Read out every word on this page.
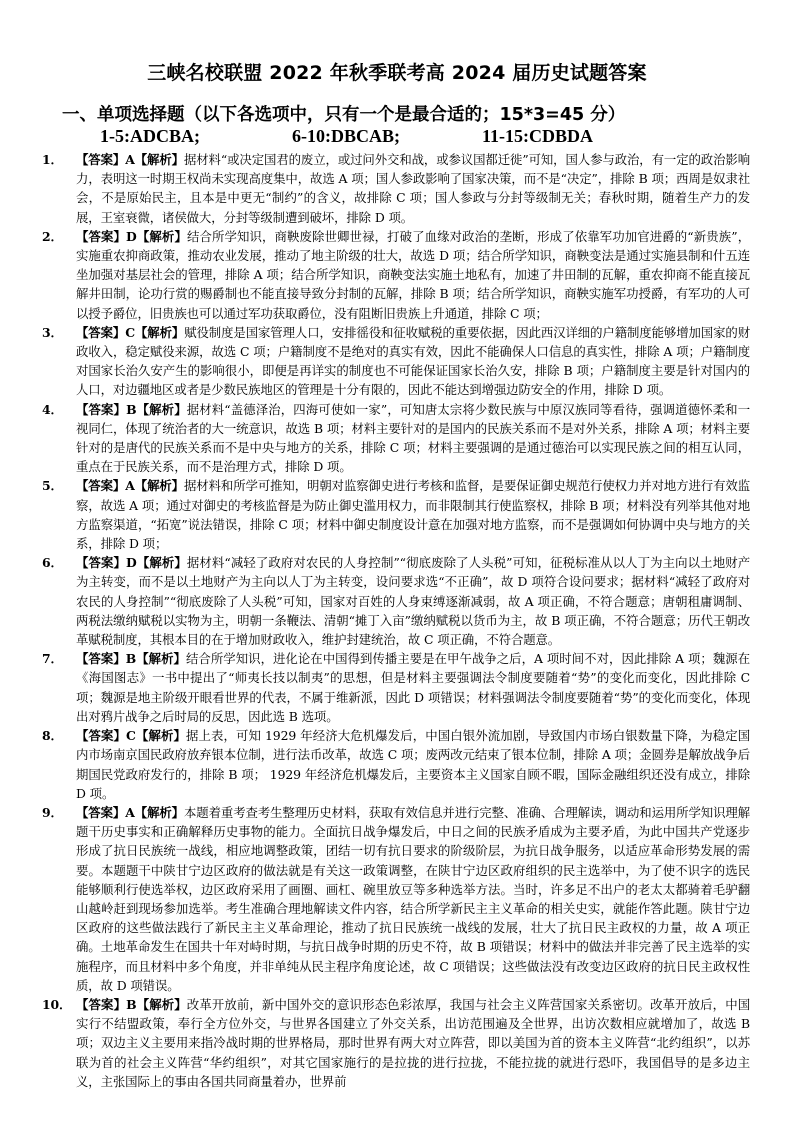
三峡名校联盟 2022 年秋季联考高 2024 届历史试题答案
一、单项选择题（以下各选项中，只有一个是最合适的；15*3=45 分）
1-5:ADCBA;	6-10:DBCAB;	11-15:CDBDA
1．	【答案】A【解析】据材料“或决定国君的废立，或过问外交和战，或参议国都迁徙”可知，国人参与政治，有一定的政治影响力，表明这一时期王权尚未实现高度集中，故选 A 项；国人参政影响了国家决策，而不是“决定”，排除 B 项；西周是奴隶社会，不是原始民主，且本是中更无“制约”的含义，故排除 C 项；国人参政与分封等级制无关；春秋时期，随着生产力的发展，王室衰微，诸侯做大，分封等级制遭到破坏，排除 D 项。
2．	【答案】D【解析】结合所学知识，商鞅废除世卿世禄，打破了血缘对政治的垄断，形成了依靠军功加官进爵的“新贵族”，实施重农抑商政策，推动农业发展，推动了地主阶级的壮大，故选 D 项；结合所学知识，商鞅变法是通过实施县制和什五连坐加强对基层社会的管理，排除 A 项；结合所学知识，商鞅变法实施土地私有，加速了井田制的瓦解，重农抑商不能直接瓦解井田制，论功行赏的赐爵制也不能直接导致分封制的瓦解，排除 B 项；结合所学知识，商鞅实施军功授爵，有军功的人可以授予爵位，旧贵族也可以通过军功获取爵位，没有阻断旧贵族上升通道，排除 C 项；
3．	【答案】C【解析】赋役制度是国家管理人口，安排徭役和征收赋税的重要依据，因此西汉详细的户籍制度能够增加国家的财政收入，稳定赋役来源，故选 C 项；户籍制度不是绝对的真实有效，因此不能确保人口信息的真实性，排除 A 项；户籍制度对国家长治久安产生的影响很小，即便是再详实的制度也不可能保证国家长治久安，排除 B 项；户籍制度主要是针对国内的人口，对边疆地区或者是少数民族地区的管理是十分有限的，因此不能达到增强边防安全的作用，排除 D 项。
4．	【答案】B【解析】据材料“盖德泽治，四海可使如一家”，可知唐太宗将少数民族与中原汉族同等看待，强调道德怀柔和一视同仁，体现了统治者的大一统意识，故选 B 项；材料主要针对的是国内的民族关系而不是对外关系，排除 A 项；材料主要针对的是唐代的民族关系而不是中央与地方的关系，排除 C 项；材料主要强调的是通过德治可以实现民族之间的相互认同，重点在于民族关系，而不是治理方式，排除 D 项。
5．	【答案】A【解析】据材料和所学可推知，明朝对监察御史进行考核和监督，是要保证御史规范行使权力并对地方进行有效监察，故选 A 项；通过对御史的考核监督是为防止御史滥用权力，而非限制其行使监察权，排除 B 项；材料没有列举其他对地方监察渠道，“拓宽”说法错误，排除 C 项；材料中御史制度设计意在加强对地方监察，而不是强调如何协调中央与地方的关系，排除 D 项；
6．	【答案】D【解析】据材料“减轻了政府对农民的人身控制”“彻底废除了人头税”可知，征税标准从以人丁为主向以土地财产为主转变，而不是以土地财产为主向以人丁为主转变，设问要求选“不正确”，故 D 项符合设问要求；据材料“减轻了政府对农民的人身控制”“彻底废除了人头税”可知，国家对百姓的人身束缚逐渐减弱，故 A 项正确，不符合题意；唐朝租庸调制、两税法缴纳赋税以实物为主，明朝一条鞭法、清朝“摊丁入亩”缴纳赋税以货币为主，故 B 项正确，不符合题意；历代王朝改革赋税制度，其根本目的在于增加财政收入，维护封建统治，故 C 项正确，不符合题意。
7．	【答案】B【解析】结合所学知识，进化论在中国得到传播主要是在甲午战争之后，A 项时间不对，因此排除 A 项；魏源在《海国图志》一书中提出了“师夷长技以制夷”的思想，但是材料主要强调法令制度要随着“势”的变化而变化，因此排除 C 项；魏源是地主阶级开眼看世界的代表，不属于维新派，因此 D 项错误；材料强调法令制度要随着“势”的变化而变化，体现出对鸦片战争之后时局的反思，因此选 B 选项。
8．	【答案】C【解析】据上表，可知 1929 年经济大危机爆发后，中国白银外流加剧，导致国内市场白银数量下降，为稳定国内市场南京国民政府放弃银本位制，进行法币改革，故选 C 项；废两改元结束了银本位制，排除 A 项；金圆券是解放战争后期国民党政府发行的，排除 B 项； 1929 年经济危机爆发后，主要资本主义国家自顾不暇，国际金融组织还没有成立，排除 D 项。
9．	【答案】A【解析】本题着重考查考生整理历史材料，获取有效信息并进行完整、准确、合理解读，调动和运用所学知识理解题干历史事实和正确解释历史事物的能力。全面抗日战争爆发后，中日之间的民族矛盾成为主要矛盾，为此中国共产党逐步形成了抗日民族统一战线，相应地调整政策，团结一切有抗日要求的阶级阶层，为抗日战争服务，以适应革命形势发展的需要。本题题干中陕甘宁边区政府的做法就是有关这一政策调整，在陕甘宁边区政府组织的民主选举中，为了使不识字的选民能够顺利行使选举权，边区政府采用了画圈、画杠、碗里放豆等多种选举方法。当时，许多足不出户的老太太都骑着毛驴翻山越岭赶到现场参加选举。考生准确合理地解读文件内容，结合所学新民主主义革命的相关史实，就能作答此题。陕甘宁边区政府的这些做法践行了新民主主义革命理论，推动了抗日民族统一战线的发展，壮大了抗日民主政权的力量，故 A 项正确。土地革命发生在国共十年对峙时期，与抗日战争时期的历史不符，故 B 项错误；材料中的做法并非完善了民主选举的实施程序，而且材料中多个角度，并非单纯从民主程序角度论述，故 C 项错误；这些做法没有改变边区政府的抗日民主政权性质，故 D 项错误。
10． 【答案】B【解析】改革开放前，新中国外交的意识形态色彩浓厚，我国与社会主义阵营国家关系密切。改革开放后，中国实行不结盟政策，奉行全方位外交，与世界各国建立了外交关系，出访范围遍及全世界，出访次数相应就增加了，故选 B 项；双边主义主要用来指冷战时期的世界格局，那时世界有两大对立阵营，即以美国为首的资本主义阵营“北约组织”，以苏联为首的社会主义阵营“华约组织”，对其它国家施行的是拉拢的进行拉拢，不能拉拢的就进行恐吓，我国倡导的是多边主义，主张国际上的事由各国共同商量着办，世界前
